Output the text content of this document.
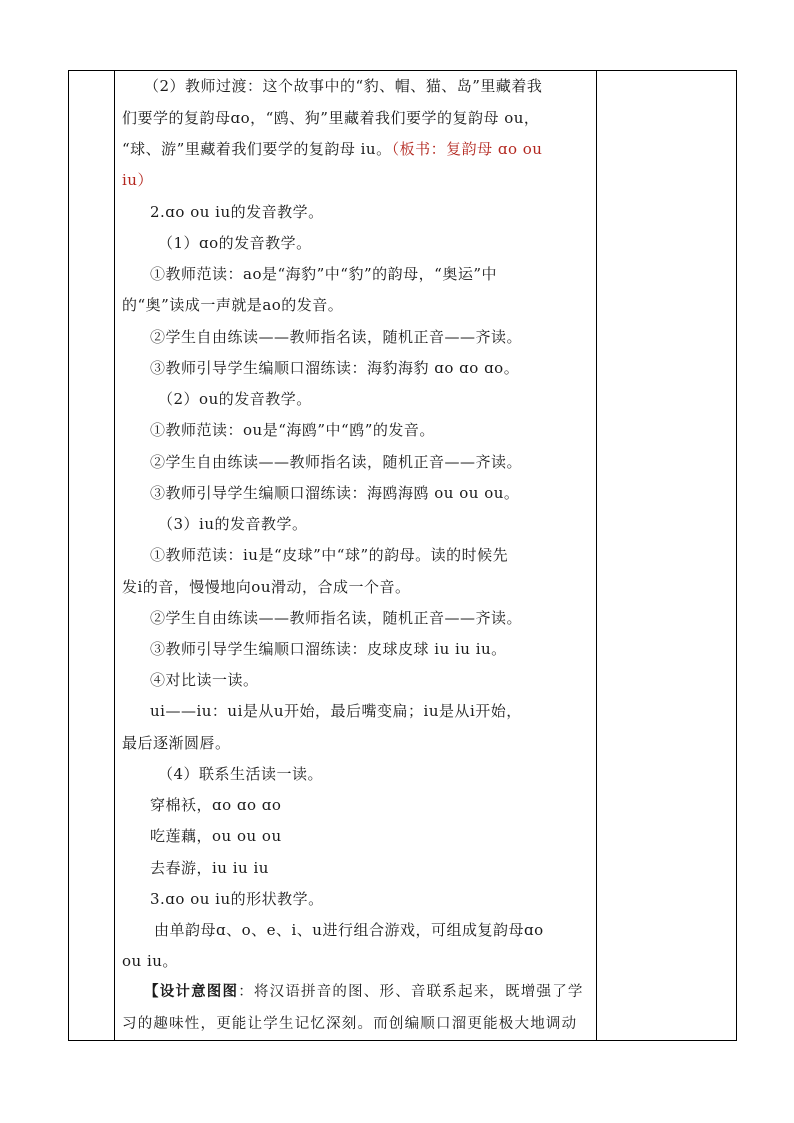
（2）教师过渡：这个故事中的“豹、帽、猫、岛”里藏着我
们要学的复韵母ɑo，“鸥、狗”里藏着我们要学的复韵母 ou，
“球、游”里藏着我们要学的复韵母 iu。（板书：复韵母 ɑo ou
iu）
2.ɑo ou iu的发音教学。
（1）ɑo的发音教学。
①教师范读：ao是“海豹”中“豹”的韵母，“奥运”中
的“奥”读成一声就是ao的发音。
②学生自由练读——教师指名读，随机正音——齐读。
③教师引导学生编顺口溜练读：海豹海豹 ɑo ɑo ɑo。
（2）ou的发音教学。
①教师范读：ou是“海鸥”中“鸥”的发音。
②学生自由练读——教师指名读，随机正音——齐读。
③教师引导学生编顺口溜练读：海鸥海鸥 ou ou ou。
（3）iu的发音教学。
①教师范读：iu是“皮球”中“球”的韵母。读的时候先
发i的音，慢慢地向ou滑动，合成一个音。
②学生自由练读——教师指名读，随机正音——齐读。
③教师引导学生编顺口溜练读：皮球皮球 iu iu iu。
④对比读一读。
ui——iu：ui是从u开始，最后嘴变扁；iu是从i开始，
最后逐渐圆唇。
（4）联系生活读一读。
穿棉袄，ɑo ɑo ɑo
吃莲藕，ou ou ou
去春游，iu iu iu
3.ɑo ou iu的形状教学。
由单韵母ɑ、o、e、i、u进行组合游戏，可组成复韵母ɑo
ou iu。
【设计意图图：将汉语拼音的图、形、音联系起来，既增强了学
习的趣味性，更能让学生记忆深刻。而创编顺口溜更能极大地调动
